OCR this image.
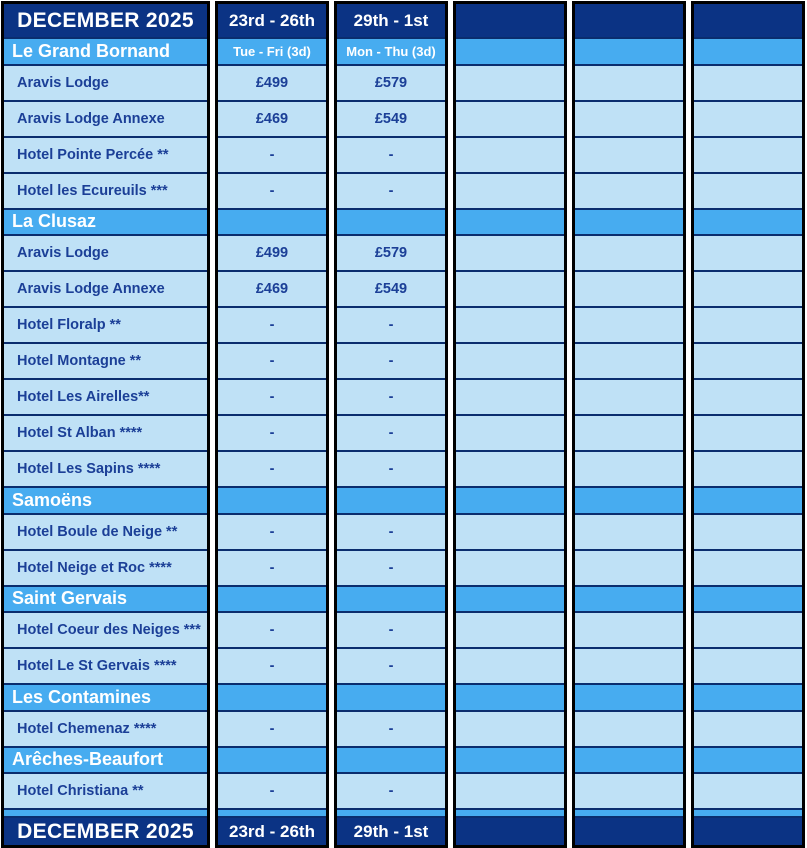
DECEMBER 2025
Le Grand Bornand
Aravis Lodge
Aravis Lodge Annexe
Hotel Pointe Percée **
Hotel les Ecureuils ***
La Clusaz
Aravis Lodge
Aravis Lodge Annexe
Hotel Floralp **
Hotel Montagne **
Hotel Les Airelles**
Hotel St Alban ****
Hotel Les Sapins ****
Samoëns
Hotel Boule de Neige **
Hotel Neige et Roc ****
Saint Gervais
Hotel Coeur des Neiges ***
Hotel Le St Gervais ****
Les Contamines
Hotel Chemenaz ****
Arêches-Beaufort
Hotel Christiana **
DECEMBER 2025
23rd - 26th
Tue - Fri (3d)
£499
£469
-
-
£499
£469
-
-
-
-
-
-
-
-
-
-
-
23rd - 26th
29th - 1st
Mon - Thu (3d)
£579
£549
-
-
£579
£549
-
-
-
-
-
-
-
-
-
-
-
29th - 1st
